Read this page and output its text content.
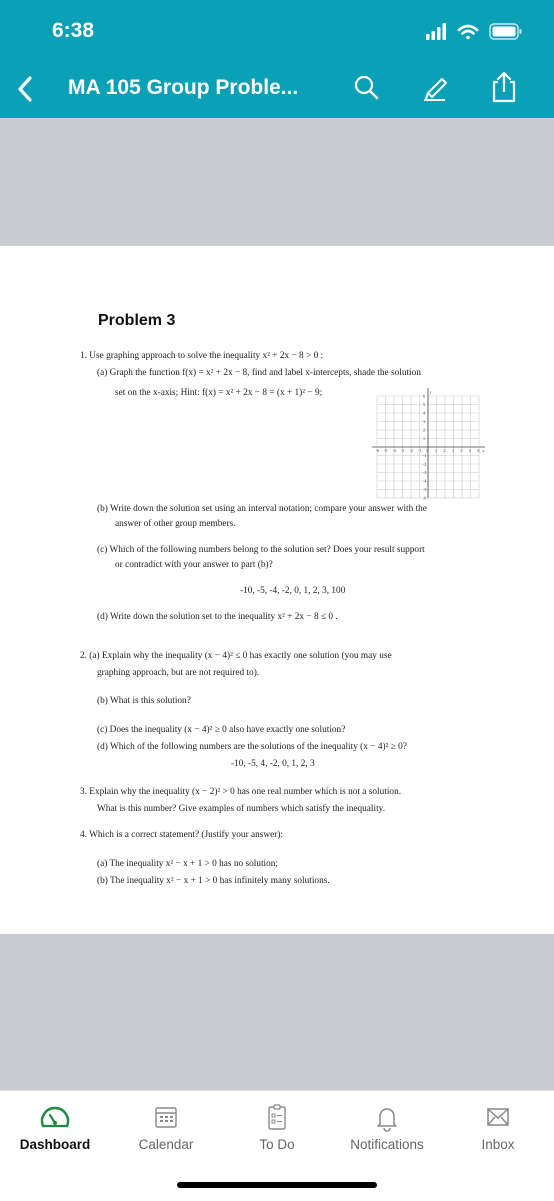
6:38
MA 105 Group Proble...
Problem 3
1. Use graphing approach to solve the inequality x² + 2x − 8 > 0 :
(a) Graph the function f(x) = x² + 2x − 8, find and label x-intercepts, shade the solution
set on the x-axis; Hint: f(x) = x² + 2x − 8 = (x + 1)² − 9;
-6 -5 -4 -3 -2 -1 0 1 2 3 4 5 6 x
6
5
4
3
2
1
-1
-2
-3
-4
-5
-6
y
(b) Write down the solution set using an interval notation; compare your answer with the
answer of other group members.
(c) Which of the following numbers belong to the solution set? Does your result support
or contradict with your answer to part (b)?
-10, -5, -4, -2, 0, 1, 2, 3, 100
(d) Write down the solution set to the inequality x² + 2x − 8 ≤ 0 .
2. (a) Explain why the inequality (x − 4)² ≤ 0 has exactly one solution (you may use
graphing approach, but are not required to).
(b) What is this solution?
(c) Does the inequality (x − 4)² ≥ 0 also have exactly one solution?
(d) Which of the following numbers are the solutions of the inequality (x − 4)² ≥ 0?
-10, -5, 4, -2, 0, 1, 2, 3
3. Explain why the inequality (x − 2)² > 0 has one real number which is not a solution.
What is this number? Give examples of numbers which satisfy the inequality.
4. Which is a correct statement? (Justify your answer):
(a) The inequality x² − x + 1 > 0 has no solution;
(b) The inequality x² − x + 1 > 0 has infinitely many solutions.
Dashboard	Calendar	To Do	Notifications	Inbox
